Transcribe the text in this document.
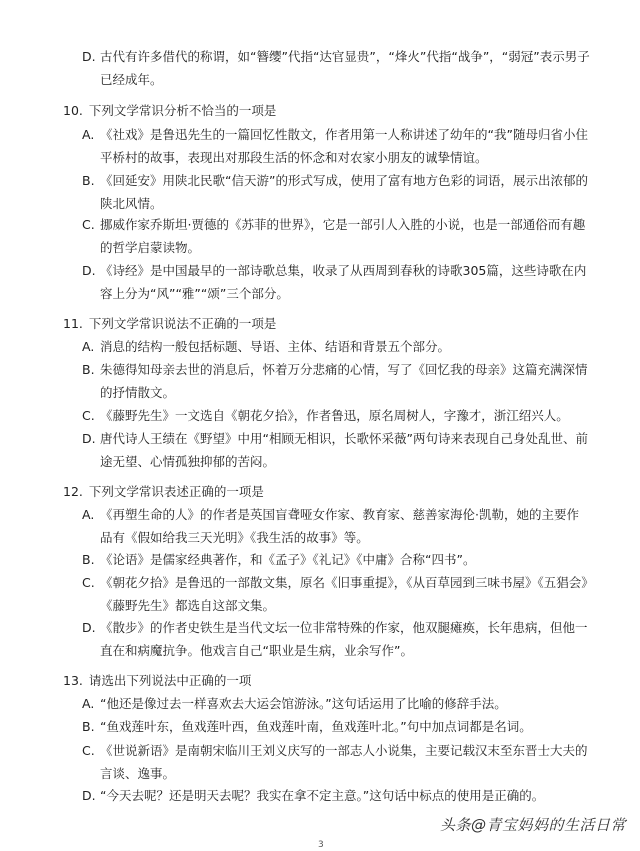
D. 古代有许多借代的称谓，如“簪缨”代指“达官显贵”，“烽火”代指“战争”，“弱冠”表示男子已经成年。
10. 下列文学常识分析不恰当的一项是
A. 《社戏》是鲁迅先生的一篇回忆性散文，作者用第一人称讲述了幼年的“我”随母归省小住平桥村的故事，表现出对那段生活的怀念和对农家小朋友的诚挚情谊。
B. 《回延安》用陕北民歌“信天游”的形式写成，使用了富有地方色彩的词语，展示出浓郁的陕北风情。
C. 挪威作家乔斯坦·贾德的《苏菲的世界》，它是一部引人入胜的小说，也是一部通俗而有趣的哲学启蒙读物。
D. 《诗经》是中国最早的一部诗歌总集，收录了从西周到春秋的诗歌305篇，这些诗歌在内容上分为“风”“雅”“颂”三个部分。
11. 下列文学常识说法不正确的一项是
A. 消息的结构一般包括标题、导语、主体、结语和背景五个部分。
B. 朱德得知母亲去世的消息后，怀着万分悲痛的心情，写了《回忆我的母亲》这篇充满深情的抒情散文。
C. 《藤野先生》一文选自《朝花夕拾》，作者鲁迅，原名周树人，字豫才，浙江绍兴人。
D. 唐代诗人王绩在《野望》中用“相顾无相识，长歌怀采薇”两句诗来表现自己身处乱世、前途无望、心情孤独抑郁的苦闷。
12. 下列文学常识表述正确的一项是
A. 《再塑生命的人》的作者是英国盲聋哑女作家、教育家、慈善家海伦·凯勒，她的主要作品有《假如给我三天光明》《我生活的故事》等。
B. 《论语》是儒家经典著作，和《孟子》《礼记》《中庸》合称“四书”。
C. 《朝花夕拾》是鲁迅的一部散文集，原名《旧事重提》，《从百草园到三味书屋》《五猖会》《藤野先生》都选自这部文集。
D. 《散步》的作者史铁生是当代文坛一位非常特殊的作家，他双腿瘫痪，长年患病，但他一直在和病魔抗争。他戏言自己“职业是生病，业余写作”。
13. 请选出下列说法中正确的一项
A. “他还是像过去一样喜欢去大运会馆游泳。”这句话运用了比喻的修辞手法。
B. “鱼戏莲叶东，鱼戏莲叶西，鱼戏莲叶南，鱼戏莲叶北。”句中加点词都是名词。
C. 《世说新语》是南朝宋临川王刘义庆写的一部志人小说集，主要记载汉末至东晋士大夫的言谈、逸事。
D. “今天去呢？还是明天去呢？我实在拿不定主意。”这句话中标点的使用是正确的。
头条@青宝妈妈的生活日常
3
